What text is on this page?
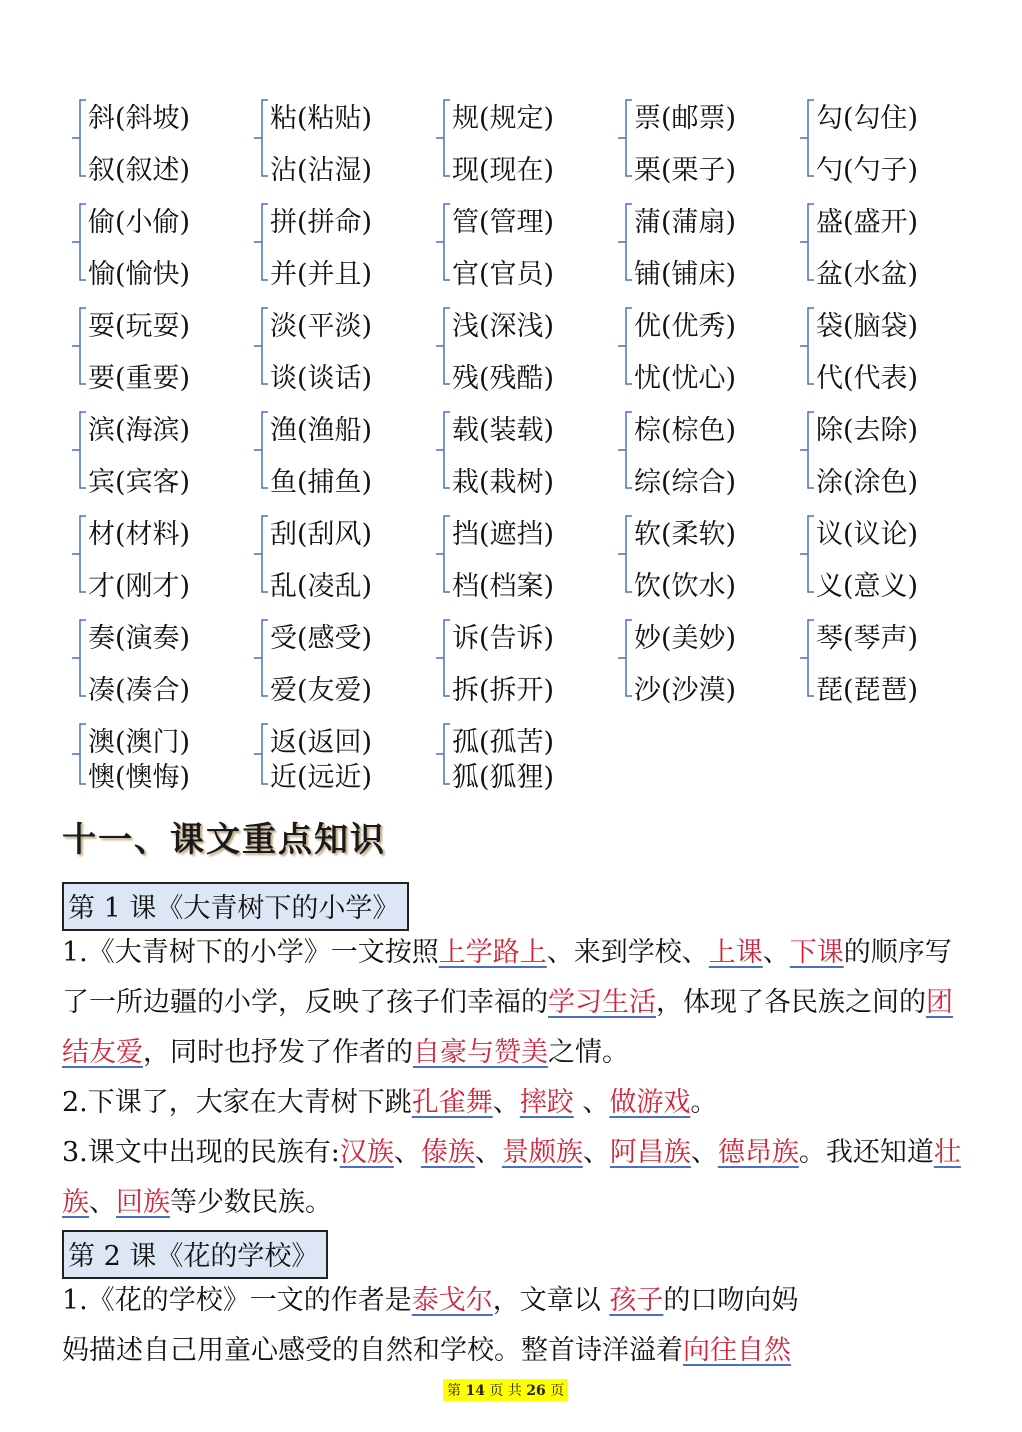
斜(斜坡)
叙(叙述)
粘(粘贴)
沾(沾湿)
规(规定)
现(现在)
票(邮票)
栗(栗子)
勾(勾住)
勺(勺子)
偷(小偷)
愉(愉快)
拼(拼命)
并(并且)
管(管理)
官(官员)
蒲(蒲扇)
铺(铺床)
盛(盛开)
盆(水盆)
耍(玩耍)
要(重要)
淡(平淡)
谈(谈话)
浅(深浅)
残(残酷)
优(优秀)
忧(忧心)
袋(脑袋)
代(代表)
滨(海滨)
宾(宾客)
渔(渔船)
鱼(捕鱼)
载(装载)
栽(栽树)
棕(棕色)
综(综合)
除(去除)
涂(涂色)
材(材料)
才(刚才)
刮(刮风)
乱(凌乱)
挡(遮挡)
档(档案)
软(柔软)
饮(饮水)
议(议论)
义(意义)
奏(演奏)
凑(凑合)
受(感受)
爱(友爱)
诉(告诉)
拆(拆开)
妙(美妙)
沙(沙漠)
琴(琴声)
琵(琵琶)
澳(澳门)
懊(懊悔)
返(返回)
近(远近)
孤(孤苦)
狐(狐狸)
十一、课文重点知识
第 1 课《大青树下的小学》
1.《大青树下的小学》一文按照上学路上、来到学校、上课、下课的顺序写了一所边疆的小学，反映了孩子们幸福的学习生活，体现了各民族之间的团结友爱，同时也抒发了作者的自豪与赞美之情。
2.下课了，大家在大青树下跳孔雀舞、摔跤 、做游戏。
3.课文中出现的民族有:汉族、傣族、景颇族、阿昌族、德昂族。我还知道壮族、回族等少数民族。
第 2 课《花的学校》
1.《花的学校》一文的作者是泰戈尔，文章以 孩子的口吻向妈
妈描述自己用童心感受的自然和学校。整首诗洋溢着向往自然
第 14 页 共 26 页
